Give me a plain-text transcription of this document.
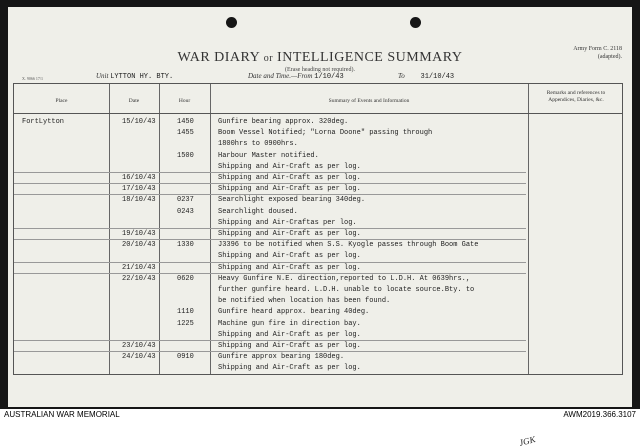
WAR DIARY or INTELLIGENCE SUMMARY
(Erase heading not required).
Army Form C. 2118
(adapted).
X. 9066 17/1	Unit LYTTON HY. BTY.	Date and Time.—From 1/10/43	To 31/10/43
Place	Date	Hour	Summary of Events and Information
Remarks and references to Appendices, Diaries, &c.
FortLytton	15/10/43	1450	Gunfire bearing approx. 320deg.
1455	Boom Vessel Notified; "Lorna Doone" passing through
1800hrs to 0900hrs.
1500	Harbour Master notified.
Shipping and Air-Craft as per log.
16/10/43	Shipping and Air-Craft as per log.
17/10/43	Shipping and Air-Craft as per log.
18/10/43	0237	Searchlight exposed bearing 340deg.
0243	Searchlight doused.
Shipping and Air-Craftas per log.
19/10/43	Shipping and Air-Craft as per log.
20/10/43	1330	J3396 to be notified when S.S. Kyogle passes through Boom Gate
Shipping and Air-Craft as per log.
21/10/43	Shipping and Air-Craft as per log.
22/10/43	0620	Heavy Gunfire N.E. direction,reported to L.D.H. At 0639hrs.,
further gunfire heard. L.D.H. unable to locate source.Bty. to
be notified when location has been found.
1110	Gunfire heard approx. bearing 40deg.
1225	Machine gun fire in direction bay.
Shipping and Air-Craft as per log.
23/10/43	Shipping and Air-Craft as per log.
24/10/43	0910	Gunfire approx bearing 180deg.
Shipping and Air-Craft as per log.
JGK
AUSTRALIAN WAR MEMORIAL	AWM2019.366.3107
